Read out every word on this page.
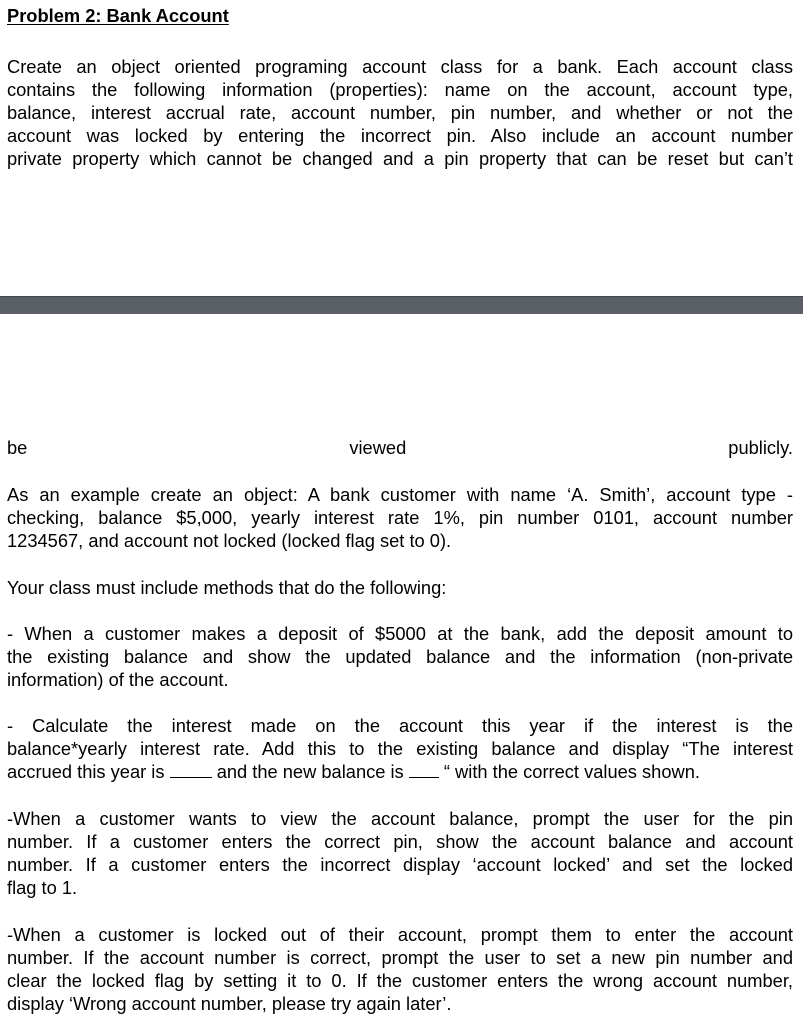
Problem 2: Bank Account
Create an object oriented programing account class for a bank. Each account class
contains the following information (properties): name on the account, account type,
balance, interest accrual rate, account number, pin number, and whether or not the
account was locked by entering the incorrect pin. Also include an account number
private property which cannot be changed and a pin property that can be reset but can’t
be	viewed	publicly.
As an example create an object: A bank customer with name ‘A. Smith’, account type -
checking, balance $5,000, yearly interest rate 1%, pin number 0101, account number
1234567, and account not locked (locked flag set to 0).

Your class must include methods that do the following:

- When a customer makes a deposit of $5000 at the bank, add the deposit amount to
the existing balance and show the updated balance and the information (non-private
information) of the account.
- Calculate the interest made on the account this year if the interest is the
balance*yearly interest rate. Add this to the existing balance and display “The interest
accrued this year is	and the new balance is “ with the correct values shown.
-When a customer wants to view the account balance, prompt the user for the pin
number. If a customer enters the correct pin, show the account balance and account
number. If a customer enters the incorrect display ‘account locked’ and set the locked
flag to 1.
-When a customer is locked out of their account, prompt them to enter the account
number. If the account number is correct, prompt the user to set a new pin number and
clear the locked flag by setting it to 0. If the customer enters the wrong account number,
display ‘Wrong account number, please try again later’.
